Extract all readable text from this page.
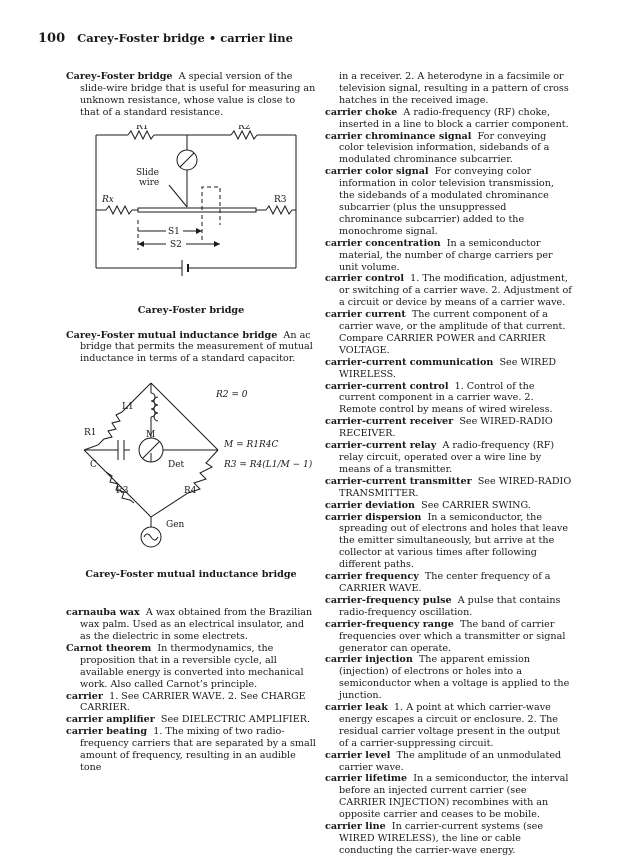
100 Carey-Foster bridge • carrier line
Carey-Foster bridge A special version of the slide-wire bridge that is useful for measuring an unknown resistance, whose value is close to that of a standard resistance.
R1	R2
Slide
wire
Rx	R3
S1
S2
Carey-Foster bridge
Carey-Foster mutual inductance bridge An ac bridge that permits the measurement of mutual inductance in terms of a standard capacitor.
R2 = 0
L1
R1	M
C	Det
R3	R4
Gen
M = R1R4C
R3 = R4(L1/M − 1)
Carey-Foster mutual inductance bridge
carnauba wax A wax obtained from the Brazilian wax palm. Used as an electrical insulator, and as the dielectric in some electrets.
Carnot theorem In thermodynamics, the proposition that in a reversible cycle, all available energy is converted into mechanical work. Also called Carnot’s principle.
carrier 1. See CARRIER WAVE. 2. See CHARGE CARRIER.
carrier amplifier See DIELECTRIC AMPLIFIER.
carrier beating 1. The mixing of two radio-frequency carriers that are separated by a small amount of frequency, resulting in an audible tone
in a receiver. 2. A heterodyne in a facsimile or television signal, resulting in a pattern of cross hatches in the received image.
carrier choke A radio-frequency (RF) choke, inserted in a line to block a carrier component.
carrier chrominance signal For conveying color television information, sidebands of a modulated chrominance subcarrier.
carrier color signal For conveying color information in color television transmission, the sidebands of a modulated chrominance subcarrier (plus the unsuppressed chrominance subcarrier) added to the monochrome signal.
carrier concentration In a semiconductor material, the number of charge carriers per unit volume.
carrier control 1. The modification, adjustment, or switching of a carrier wave. 2. Adjustment of a circuit or device by means of a carrier wave.
carrier current The current component of a carrier wave, or the amplitude of that current. Compare CARRIER POWER and CARRIER VOLTAGE.
carrier-current communication See WIRED WIRELESS.
carrier-current control 1. Control of the current component in a carrier wave. 2. Remote control by means of wired wireless.
carrier-current receiver See WIRED-RADIO RECEIVER.
carrier-current relay A radio-frequency (RF) relay circuit, operated over a wire line by means of a transmitter.
carrier-current transmitter See WIRED-RADIO TRANSMITTER.
carrier deviation See CARRIER SWING.
carrier dispersion In a semiconductor, the spreading out of electrons and holes that leave the emitter simultaneously, but arrive at the collector at various times after following different paths.
carrier frequency The center frequency of a CARRIER WAVE.
carrier-frequency pulse A pulse that contains radio-frequency oscillation.
carrier-frequency range The band of carrier frequencies over which a transmitter or signal generator can operate.
carrier injection The apparent emission (injection) of electrons or holes into a semiconductor when a voltage is applied to the junction.
carrier leak 1. A point at which carrier-wave energy escapes a circuit or enclosure. 2. The residual carrier voltage present in the output of a carrier-suppressing circuit.
carrier level The amplitude of an unmodulated carrier wave.
carrier lifetime In a semiconductor, the interval before an injected current carrier (see CARRIER INJECTION) recombines with an opposite carrier and ceases to be mobile.
carrier line In carrier-current systems (see WIRED WIRELESS), the line or cable conducting the carrier-wave energy.
